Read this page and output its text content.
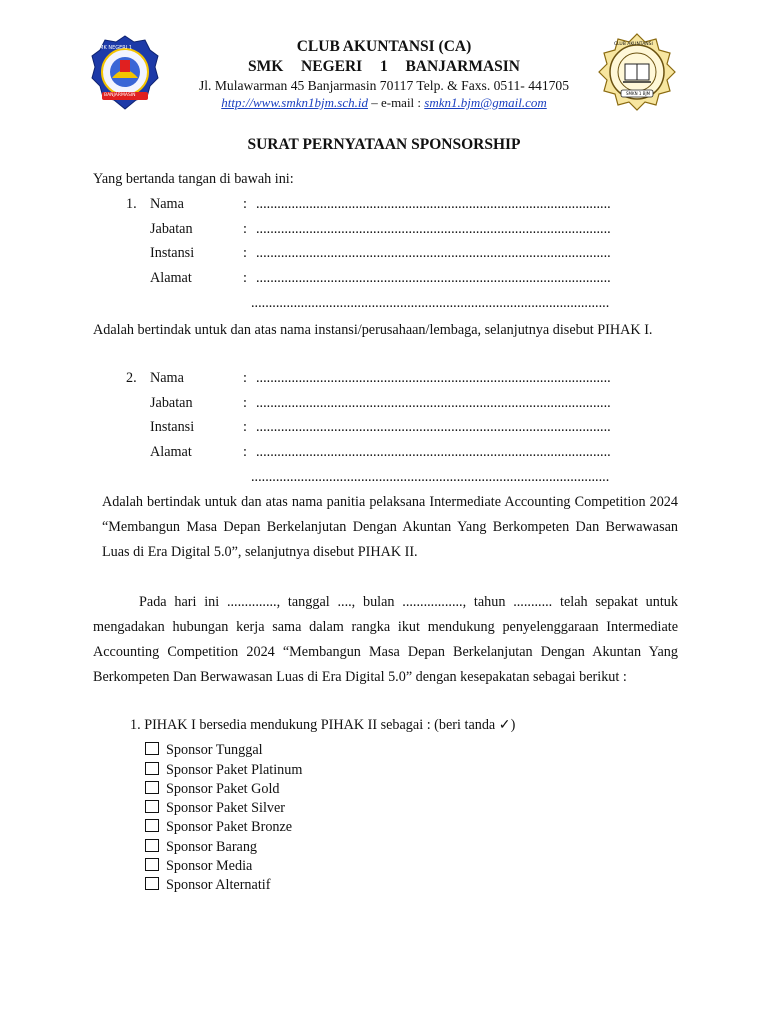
SMK NEGERI 1
BANJARMASIN
CLUB AKUNTANSI
SMKN 1 BJM
CLUB AKUNTANSI (CA)
SMK  NEGERI  1  BANJARMASIN
Jl. Mulawarman 45 Banjarmasin 70117 Telp. & Faxs. 0511- 441705
http://www.smkn1bjm.sch.id – e-mail : smkn1.bjm@gmail.com
SURAT PERNYATAAN SPONSORSHIP
Yang bertanda tangan di bawah ini:
1. Nama
Jabatan
Instansi
Alamat
:
:
:
:
....................................................................................................
....................................................................................................
....................................................................................................
....................................................................................................
.....................................................................................................
Adalah bertindak untuk dan atas nama instansi/perusahaan/lembaga, selanjutnya disebut PIHAK I.
2. Nama
Jabatan
Instansi
Alamat
:
:
:
:
....................................................................................................
....................................................................................................
....................................................................................................
....................................................................................................
.....................................................................................................
Adalah bertindak untuk dan atas nama panitia pelaksana Intermediate Accounting Competition 2024 “Membangun Masa Depan Berkelanjutan Dengan Akuntan Yang Berkompeten Dan Berwawasan Luas di Era Digital 5.0”, selanjutnya disebut PIHAK II.
Pada hari ini .............., tanggal ...., bulan ................., tahun ........... telah sepakat untuk mengadakan hubungan kerja sama dalam rangka ikut mendukung penyelenggaraan Intermediate Accounting Competition 2024 “Membangun Masa Depan Berkelanjutan Dengan Akuntan Yang Berkompeten Dan Berwawasan Luas di Era Digital 5.0” dengan kesepakatan sebagai berikut :
1. PIHAK I bersedia mendukung PIHAK II sebagai : (beri tanda ✓)
Sponsor Tunggal
Sponsor Paket Platinum
Sponsor Paket Gold
Sponsor Paket Silver
Sponsor Paket Bronze
Sponsor Barang
Sponsor Media
Sponsor Alternatif
